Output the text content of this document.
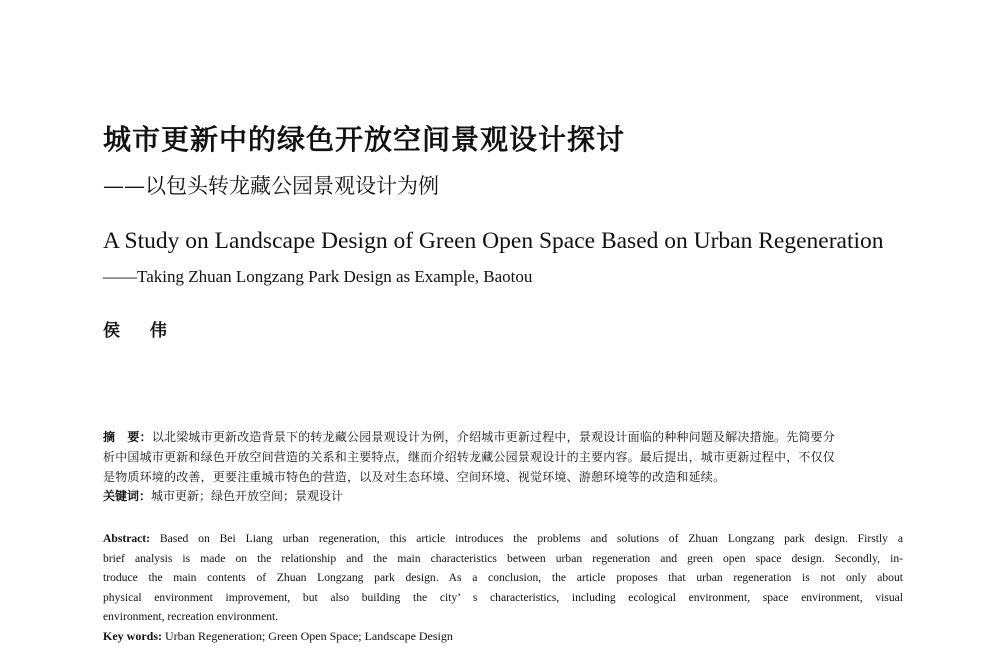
城市更新中的绿色开放空间景观设计探讨
——以包头转龙藏公园景观设计为例
A Study on Landscape Design of Green Open Space Based on Urban Regeneration
——Taking Zhuan Longzang Park Design as Example, Baotou
侯 伟
摘　要：以北梁城市更新改造背景下的转龙藏公园景观设计为例，介绍城市更新过程中，景观设计面临的种种问题及解决措施。先简要分
析中国城市更新和绿色开放空间营造的关系和主要特点，继而介绍转龙藏公园景观设计的主要内容。最后提出，城市更新过程中，不仅仅
是物质环境的改善，更要注重城市特色的营造，以及对生态环境、空间环境、视觉环境、游憩环境等的改造和延续。
关键词：城市更新；绿色开放空间；景观设计
Abstract: Based on Bei Liang urban regeneration, this article introduces the problems and solutions of Zhuan Longzang park design. Firstly a
brief analysis is made on the relationship and the main characteristics between urban regeneration and green open space design. Secondly, in-
troduce the main contents of Zhuan Longzang park design. As a conclusion, the article proposes that urban regeneration is not only about
physical environment improvement, but also building the city’ s characteristics, including ecological environment, space environment, visual
environment, recreation environment.
Key words: Urban Regeneration; Green Open Space; Landscape Design
